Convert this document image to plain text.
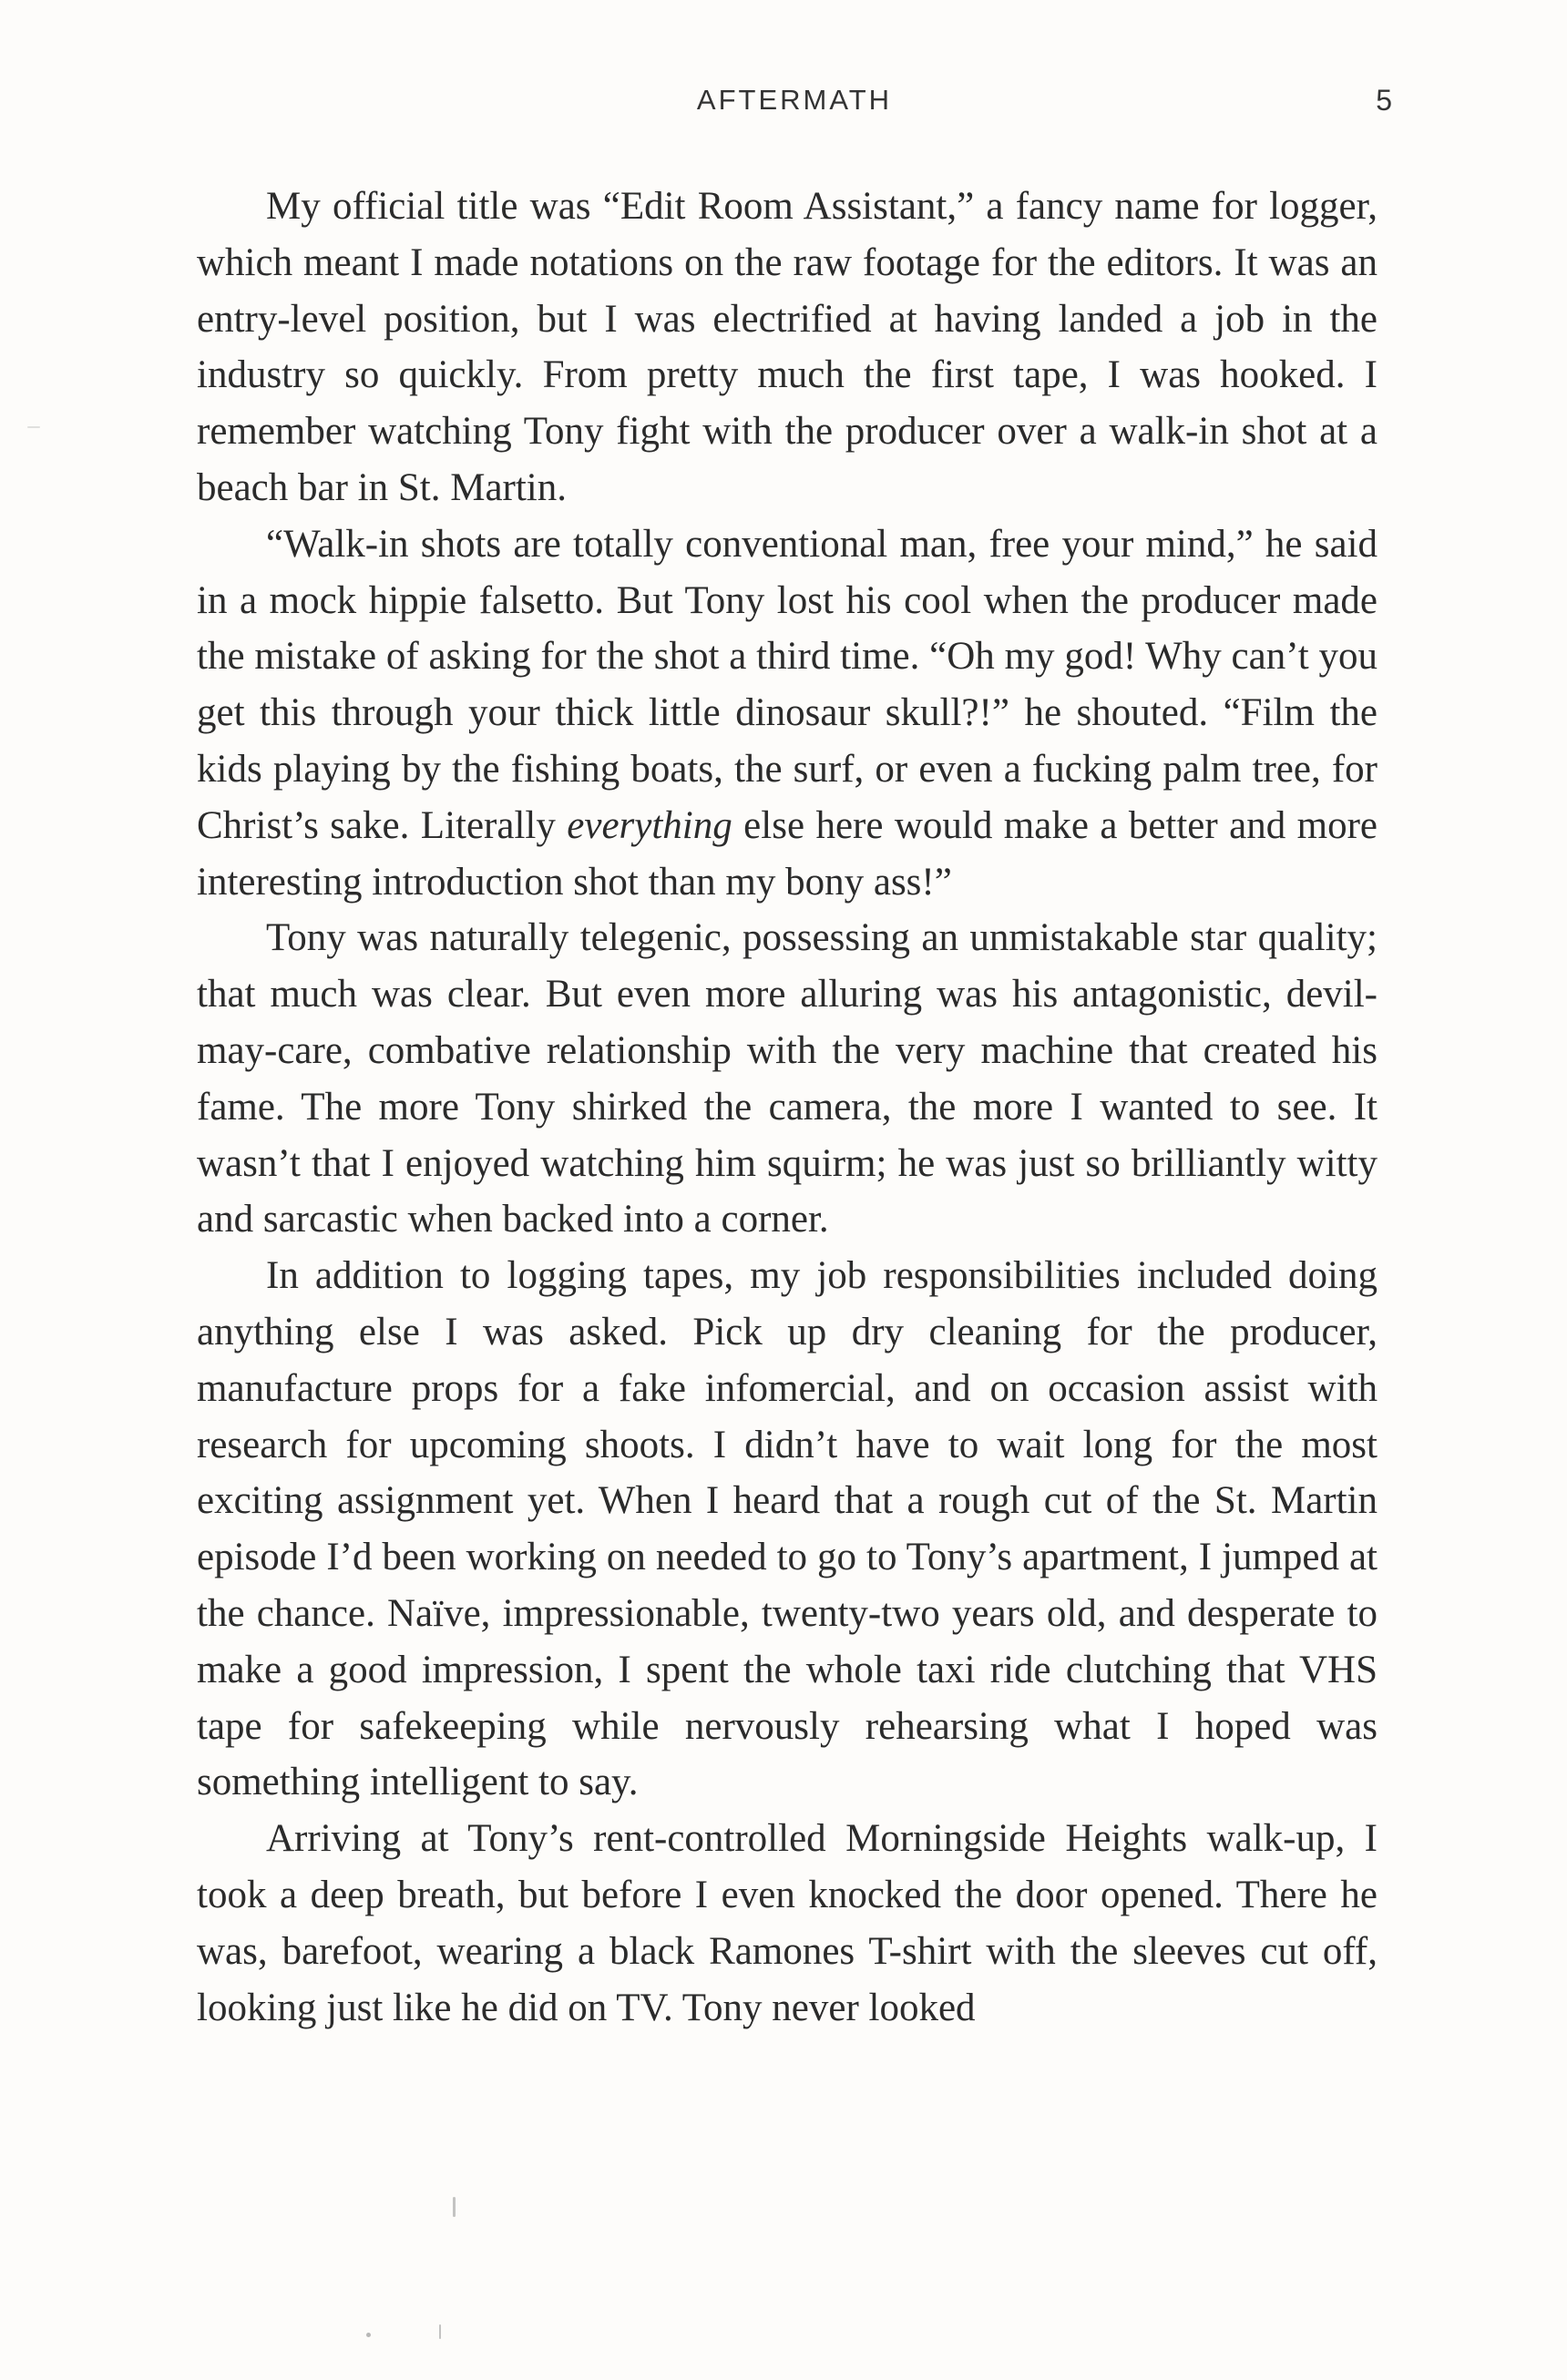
AFTERMATH	5

My official title was “Edit Room Assistant,” a fancy name for logger, which meant I made notations on the raw footage for the editors. It was an entry-level position, but I was electrified at having landed a job in the industry so quickly. From pretty much the first tape, I was hooked. I remember watching Tony fight with the producer over a walk-in shot at a beach bar in St. Martin.

“Walk-in shots are totally conventional man, free your mind,” he said in a mock hippie falsetto. But Tony lost his cool when the producer made the mistake of asking for the shot a third time. “Oh my god! Why can’t you get this through your thick little dinosaur skull?!” he shouted. “Film the kids playing by the fishing boats, the surf, or even a fucking palm tree, for Christ’s sake. Literally everything else here would make a better and more interesting introduction shot than my bony ass!”

Tony was naturally telegenic, possessing an unmistakable star quality; that much was clear. But even more alluring was his antagonistic, devil-may-care, combative relationship with the very machine that created his fame. The more Tony shirked the camera, the more I wanted to see. It wasn’t that I enjoyed watching him squirm; he was just so brilliantly witty and sarcastic when backed into a corner.

In addition to logging tapes, my job responsibilities included doing anything else I was asked. Pick up dry cleaning for the producer, manufacture props for a fake infomercial, and on occasion assist with research for upcoming shoots. I didn’t have to wait long for the most exciting assignment yet. When I heard that a rough cut of the St. Martin episode I’d been working on needed to go to Tony’s apartment, I jumped at the chance. Naïve, impressionable, twenty-two years old, and desperate to make a good impression, I spent the whole taxi ride clutching that VHS tape for safekeeping while nervously rehearsing what I hoped was something intelligent to say.

Arriving at Tony’s rent-controlled Morningside Heights walk-up, I took a deep breath, but before I even knocked the door opened. There he was, barefoot, wearing a black Ramones T-shirt with the sleeves cut off, looking just like he did on TV. Tony never looked
